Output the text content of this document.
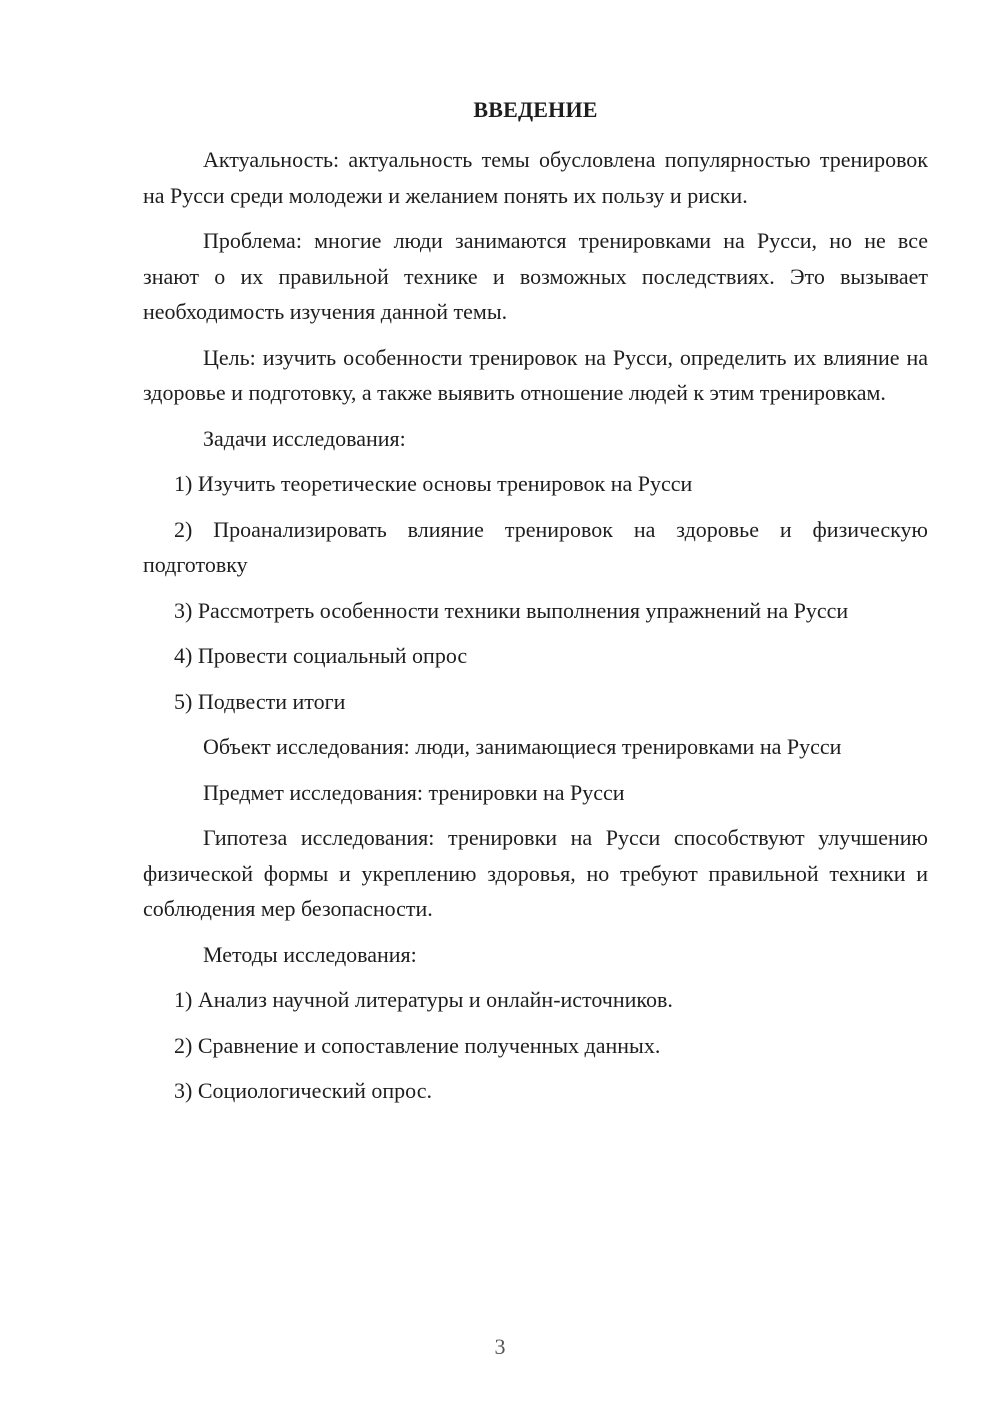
ВВЕДЕНИЕ

Актуальность: актуальность темы обусловлена популярностью тренировок на Русси среди молодежи и желанием понять их пользу и риски.

Проблема: многие люди занимаются тренировками на Русси, но не все знают о их правильной технике и возможных последствиях. Это вызывает необходимость изучения данной темы.

Цель: изучить особенности тренировок на Русси, определить их влияние на здоровье и подготовку, а также выявить отношение людей к этим тренировкам.

Задачи исследования:

1) Изучить теоретические основы тренировок на Русси

2) Проанализировать влияние тренировок на здоровье и физическую подготовку

3) Рассмотреть особенности техники выполнения упражнений на Русси

4) Провести социальный опрос

5) Подвести итоги

Объект исследования: люди, занимающиеся тренировками на Русси

Предмет исследования: тренировки на Русси

Гипотеза исследования: тренировки на Русси способствуют улучшению физической формы и укреплению здоровья, но требуют правильной техники и соблюдения мер безопасности.

Методы исследования:

1) Анализ научной литературы и онлайн-источников.

2) Сравнение и сопоставление полученных данных.

3) Социологический опрос.

3
